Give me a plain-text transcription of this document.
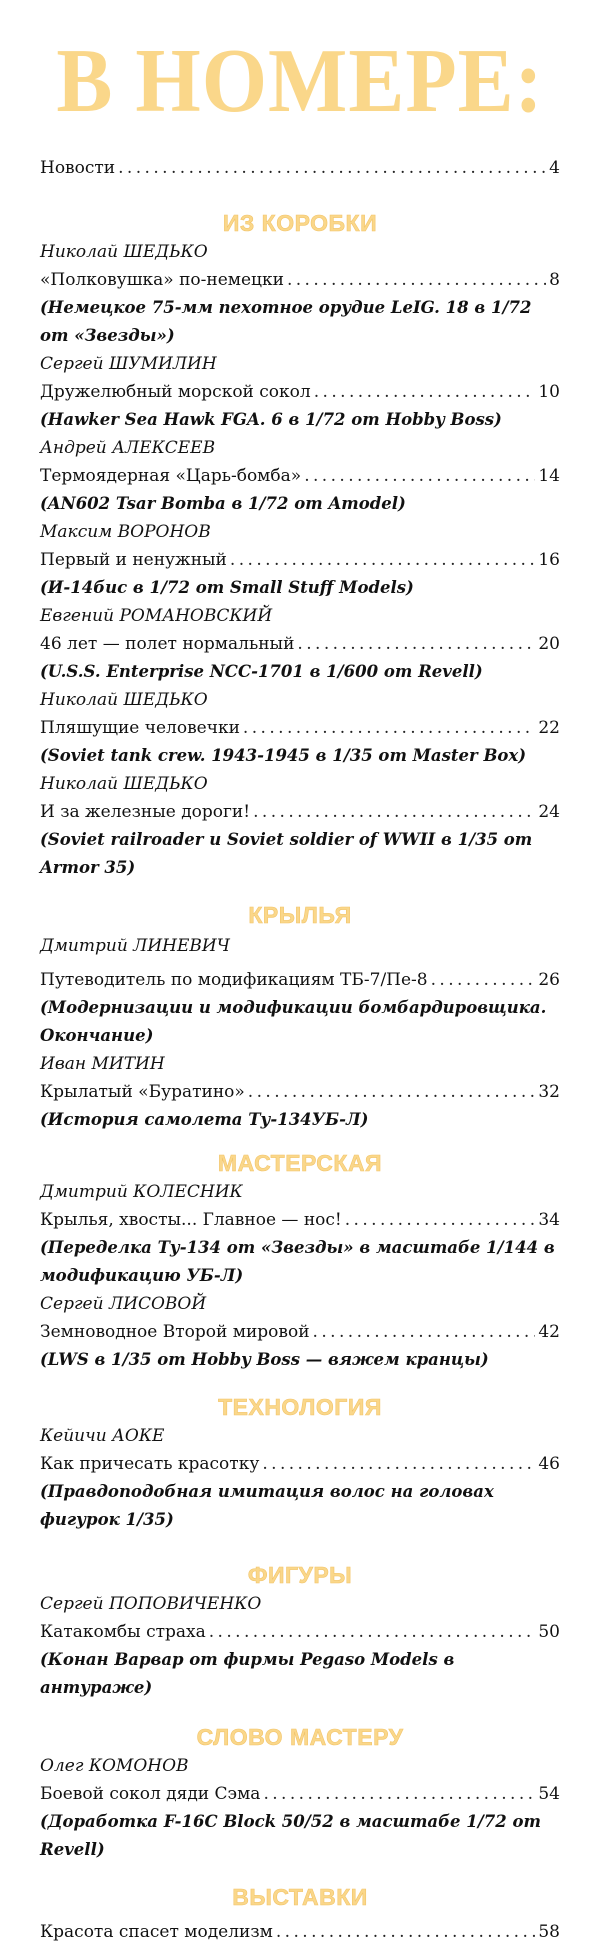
В НОМЕРЕ:
Новости . . .	4
ИЗ КОРОБКИ
Николай ШЕДЬКО
«Полковушка» по-немецки . . .	8
(Немецкое 75-мм пехотное орудие LeIG. 18 в 1/72 от «Звезды»)
Сергей ШУМИЛИН
Дружелюбный морской сокол . . .	10
(Hawker Sea Hawk FGA. 6 в 1/72 от Hobby Boss)
Андрей АЛЕКСЕЕВ
Термоядерная «Царь-бомба» . . .	14
(AN602 Tsar Bomba в 1/72 от Amodel)
Максим ВОРОНОВ
Первый и ненужный . . .	16
(И-14бис в 1/72 от Small Stuff Models)
Евгений РОМАНОВСКИЙ
46 лет — полет нормальный . . .	20
(U.S.S. Enterprise NCC-1701 в 1/600 от Revell)
Николай ШЕДЬКО
Пляшущие человечки . . .	22
(Soviet tank crew. 1943-1945 в 1/35 от Master Box)
Николай ШЕДЬКО
И за железные дороги! . . .	24
(Soviet railroader и Soviet soldier of WWII в 1/35 от Armor 35)
КРЫЛЬЯ
Дмитрий ЛИНЕВИЧ
Путеводитель по модификациям ТБ-7/Пе-8 . . .	26
(Модернизации и модификации бомбардировщика. Окончание)
Иван МИТИН
Крылатый «Буратино» . . .	32
(История самолета Ту-134УБ-Л)
МАСТЕРСКАЯ
Дмитрий КОЛЕСНИК
Крылья, хвосты... Главное — нос! . . .	34
(Переделка Ту-134 от «Звезды» в масштабе 1/144 в модификацию УБ-Л)
Сергей ЛИСОВОЙ
Земноводное Второй мировой . . .	42
(LWS в 1/35 от Hobby Boss — вяжем кранцы)
ТЕХНОЛОГИЯ
Кейичи АОКЕ
Как причесать красотку . . .	46
(Правдоподобная имитация волос на головах фигурок 1/35)
ФИГУРЫ
Сергей ПОПОВИЧЕНКО
Катакомбы страха . . .	50
(Конан Варвар от фирмы Pegaso Models в антураже)
СЛОВО МАСТЕРУ
Олег КОМОНОВ
Боевой сокол дяди Сэма . . .	54
(Доработка F-16C Block 50/52 в масштабе 1/72 от Revell)
ВЫСТАВКИ
Красота спасет моделизм . . .	58
